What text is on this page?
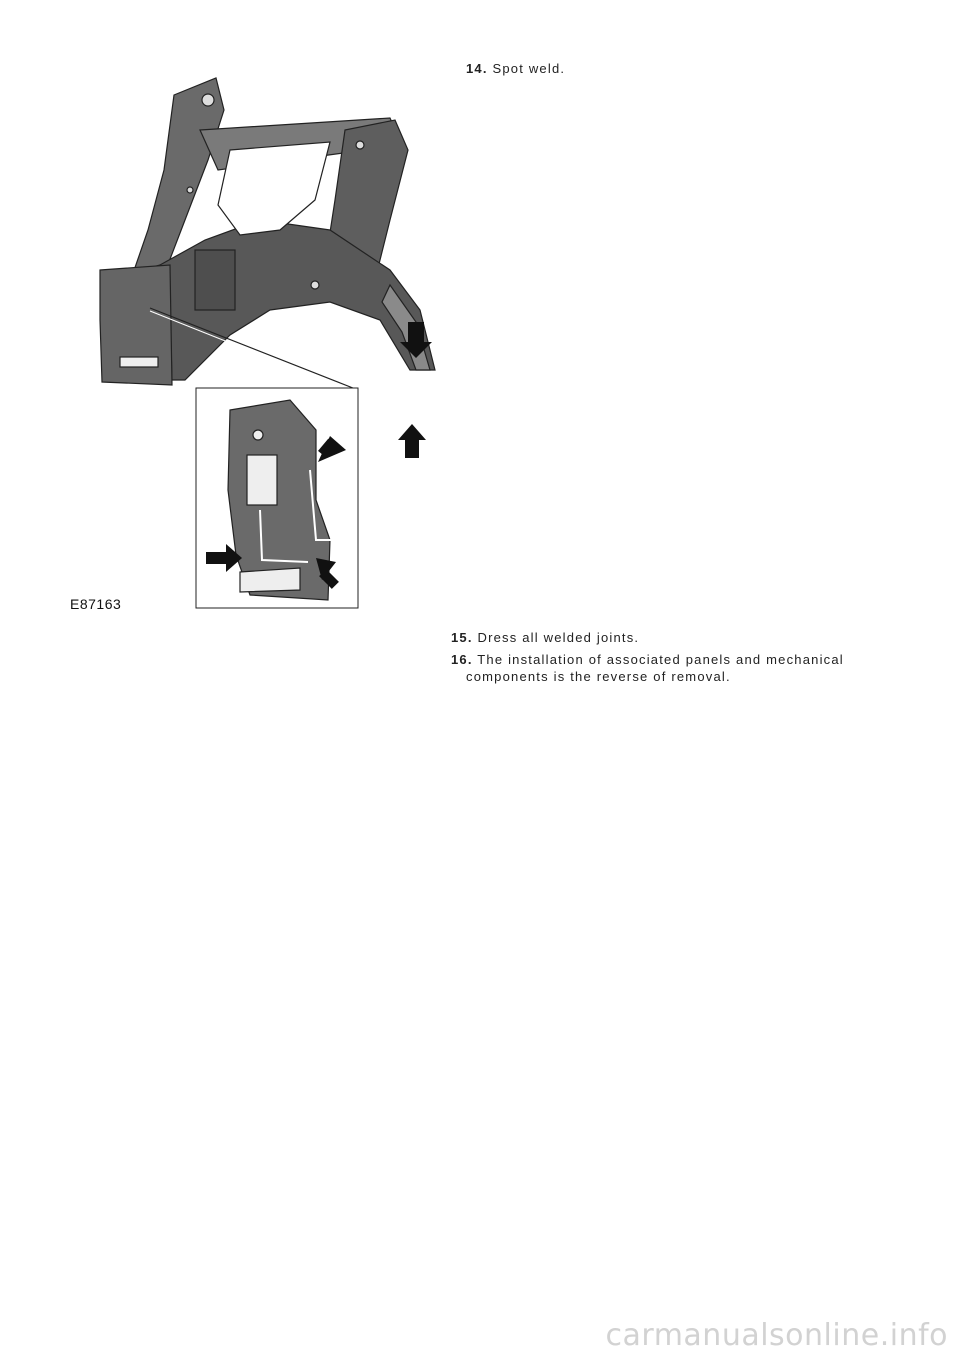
14. Spot weld.
E87163
15. Dress all welded joints.
16. The installation of associated panels and mechanical
components is the reverse of removal.
carmanualsonline.info
